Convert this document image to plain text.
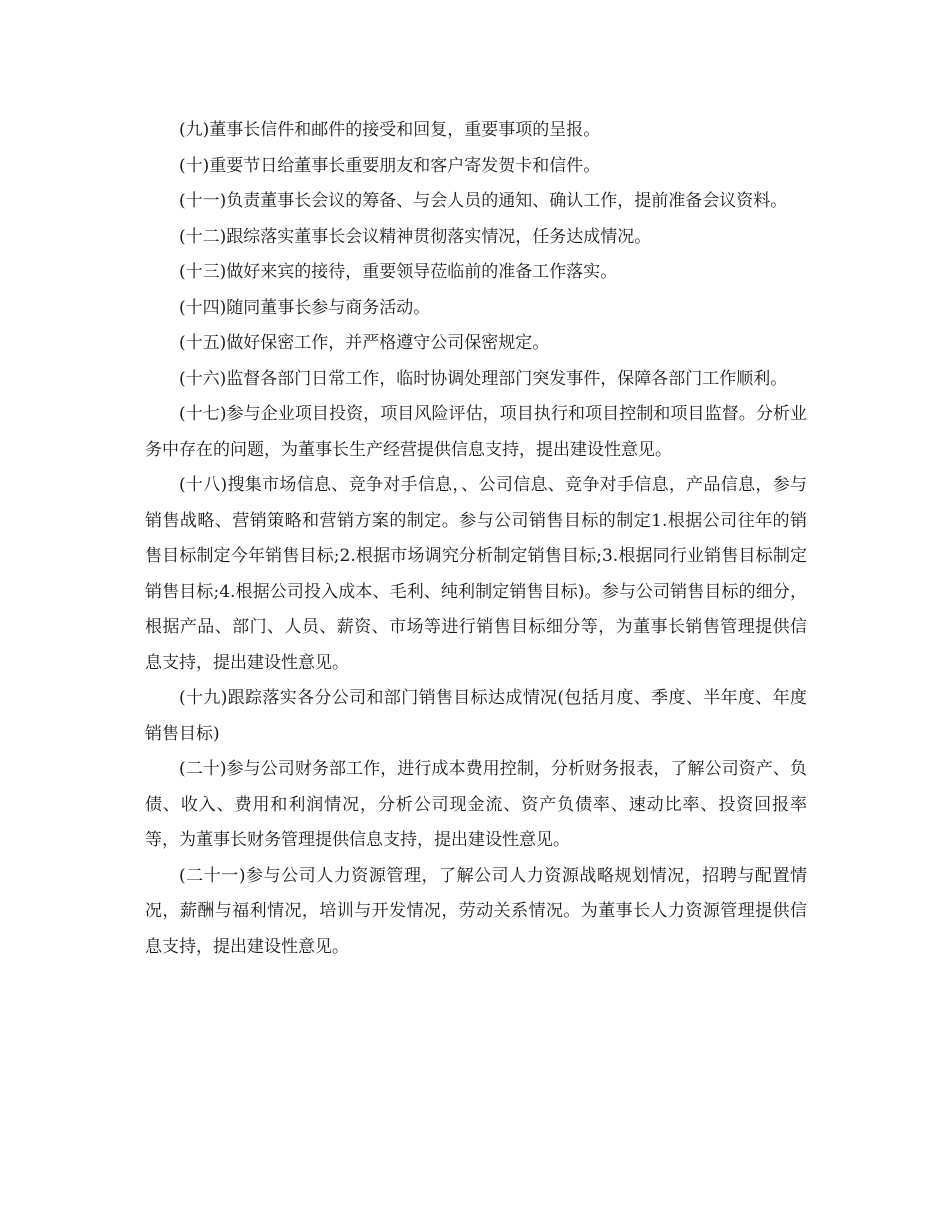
(九)董事长信件和邮件的接受和回复，重要事项的呈报。

(十)重要节日给董事长重要朋友和客户寄发贺卡和信件。

(十一)负责董事长会议的筹备、与会人员的通知、确认工作，提前准备会议资料。

(十二)跟综落实董事长会议精神贯彻落实情况，任务达成情况。

(十三)做好来宾的接待，重要领导莅临前的准备工作落实。

(十四)随同董事长参与商务活动。

(十五)做好保密工作，并严格遵守公司保密规定。

(十六)监督各部门日常工作，临时协调处理部门突发事件，保障各部门工作顺利。

(十七)参与企业项目投资，项目风险评估，项目执行和项目控制和项目监督。分析业务中存在的问题，为董事长生产经营提供信息支持，提出建设性意见。

(十八)搜集市场信息、竞争对手信息，、公司信息、竞争对手信息，产品信息，参与销售战略、营销策略和营销方案的制定。参与公司销售目标的制定1.根据公司往年的销售目标制定今年销售目标;2.根据市场调究分析制定销售目标;3.根据同行业销售目标制定销售目标;4.根据公司投入成本、毛利、纯利制定销售目标)。参与公司销售目标的细分，根据产品、部门、人员、薪资、市场等进行销售目标细分等，为董事长销售管理提供信息支持，提出建设性意见。

(十九)跟踪落实各分公司和部门销售目标达成情况(包括月度、季度、半年度、年度销售目标)

(二十)参与公司财务部工作，进行成本费用控制，分析财务报表，了解公司资产、负债、收入、费用和利润情况，分析公司现金流、资产负债率、速动比率、投资回报率等，为董事长财务管理提供信息支持，提出建设性意见。

(二十一)参与公司人力资源管理，了解公司人力资源战略规划情况，招聘与配置情况，薪酬与福利情况，培训与开发情况，劳动关系情况。为董事长人力资源管理提供信息支持，提出建设性意见。
